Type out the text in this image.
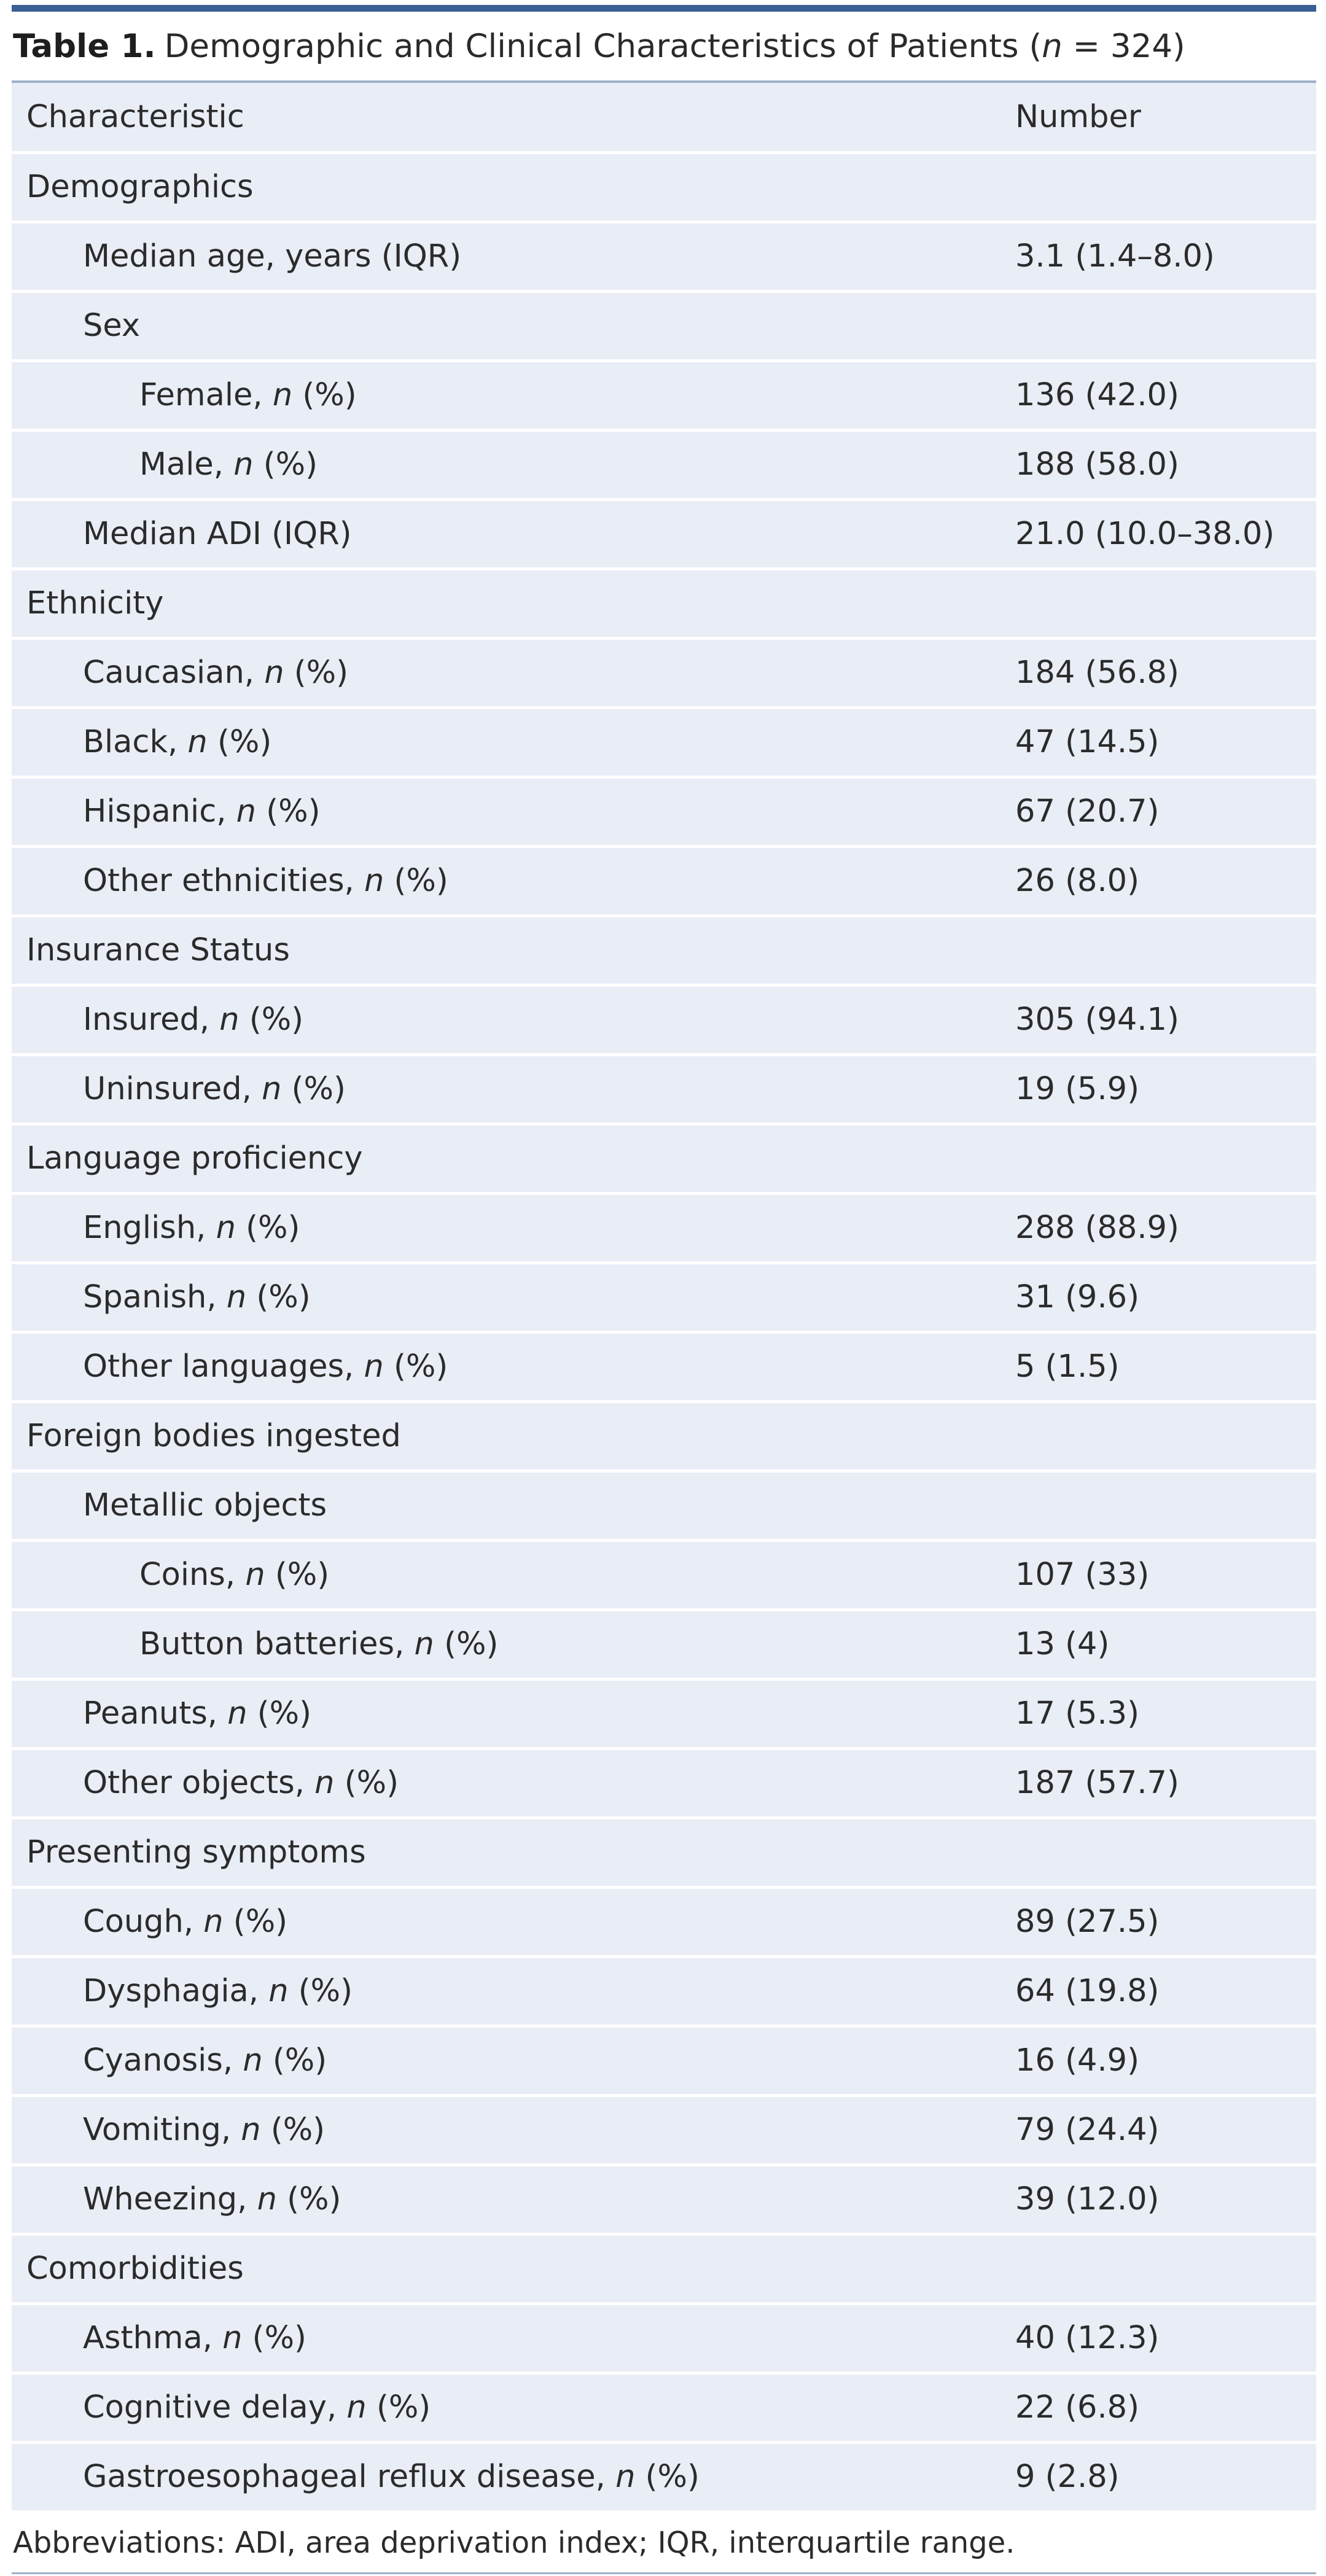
Table 1. Demographic and Clinical Characteristics of Patients (n = 324)
Characteristic	Number
Demographics	
Median age, years (IQR)	3.1 (1.4–8.0)
Sex	
Female, n (%)	136 (42.0)
Male, n (%)	188 (58.0)
Median ADI (IQR)	21.0 (10.0–38.0)
Ethnicity	
Caucasian, n (%)	184 (56.8)
Black, n (%)	47 (14.5)
Hispanic, n (%)	67 (20.7)
Other ethnicities, n (%)	26 (8.0)
Insurance Status	
Insured, n (%)	305 (94.1)
Uninsured, n (%)	19 (5.9)
Language proficiency	
English, n (%)	288 (88.9)
Spanish, n (%)	31 (9.6)
Other languages, n (%)	5 (1.5)
Foreign bodies ingested	
Metallic objects	
Coins, n (%)	107 (33)
Button batteries, n (%)	13 (4)
Peanuts, n (%)	17 (5.3)
Other objects, n (%)	187 (57.7)
Presenting symptoms	
Cough, n (%)	89 (27.5)
Dysphagia, n (%)	64 (19.8)
Cyanosis, n (%)	16 (4.9)
Vomiting, n (%)	79 (24.4)
Wheezing, n (%)	39 (12.0)
Comorbidities	
Asthma, n (%)	40 (12.3)
Cognitive delay, n (%)	22 (6.8)
Gastroesophageal reflux disease, n (%)	9 (2.8)
Abbreviations: ADI, area deprivation index; IQR, interquartile range.
